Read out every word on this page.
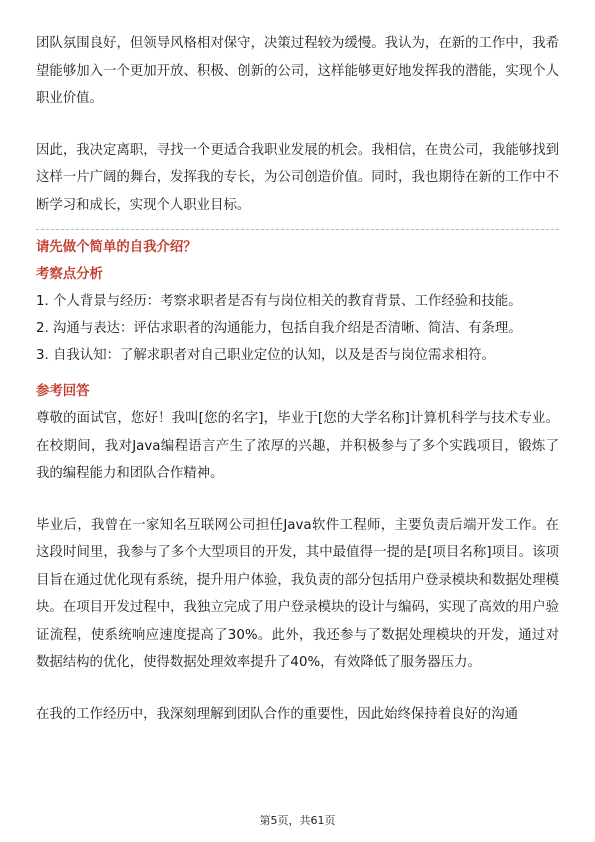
团队氛围良好，但领导风格相对保守，决策过程较为缓慢。我认为，在新的工作中，我希望能够加入一个更加开放、积极、创新的公司，这样能够更好地发挥我的潜能，实现个人职业价值。

因此，我决定离职，寻找一个更适合我职业发展的机会。我相信，在贵公司，我能够找到这样一片广阔的舞台，发挥我的专长，为公司创造价值。同时，我也期待在新的工作中不断学习和成长，实现个人职业目标。

请先做个简单的自我介绍？

考察点分析

1. 个人背景与经历：考察求职者是否有与岗位相关的教育背景、工作经验和技能。

2. 沟通与表达：评估求职者的沟通能力，包括自我介绍是否清晰、简洁、有条理。

3. 自我认知：了解求职者对自己职业定位的认知，以及是否与岗位需求相符。

参考回答

尊敬的面试官，您好！我叫[您的名字]，毕业于[您的大学名称]计算机科学与技术专业。在校期间，我对Java编程语言产生了浓厚的兴趣，并积极参与了多个实践项目，锻炼了我的编程能力和团队合作精神。

毕业后，我曾在一家知名互联网公司担任Java软件工程师，主要负责后端开发工作。在这段时间里，我参与了多个大型项目的开发，其中最值得一提的是[项目名称]项目。该项目旨在通过优化现有系统，提升用户体验，我负责的部分包括用户登录模块和数据处理模块。在项目开发过程中，我独立完成了用户登录模块的设计与编码，实现了高效的用户验证流程，使系统响应速度提高了30%。此外，我还参与了数据处理模块的开发，通过对数据结构的优化，使得数据处理效率提升了40%，有效降低了服务器压力。

在我的工作经历中，我深刻理解到团队合作的重要性，因此始终保持着良好的沟通

第5页，共61页
